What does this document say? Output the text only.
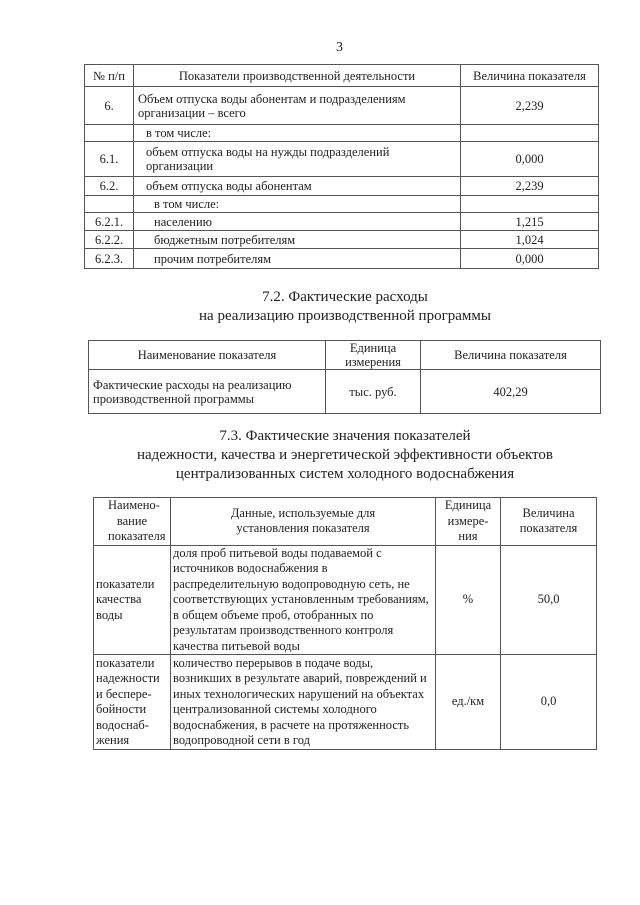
3
№ п/п	Показатели производственной деятельности	Величина показателя
6.	Объем отпуска воды абонентам и подразделениям организации – всего	2,239
	в том числе:	
6.1.	объем отпуска воды на нужды подразделений организации	0,000
6.2.	объем отпуска воды абонентам	2,239
	в том числе:	
6.2.1.	населению	1,215
6.2.2.	бюджетным потребителям	1,024
6.2.3.	прочим потребителям	0,000
7.2. Фактические расходы
на реализацию производственной программы
Наименование показателя	Единица измерения	Величина показателя
Фактические расходы на реализацию производственной программы	тыс. руб.	402,29
7.3. Фактические значения показателей
надежности, качества и энергетической эффективности объектов
централизованных систем холодного водоснабжения
Наимено-вание показателя	Данные, используемые для установления показателя	Единица измере-ния	Величина показателя
показатели качества воды	доля проб питьевой воды подаваемой с источников водоснабжения в распределительную водопроводную сеть, не соответствующих установленным требованиям, в общем объеме проб, отобранных по результатам производственного контроля качества питьевой воды	%	50,0
показатели надежности и беспере-бойности водоснаб-жения	количество перерывов в подаче воды, возникших в результате аварий, повреждений и иных технологических нарушений на объектах централизованной системы холодного водоснабжения, в расчете на протяженность водопроводной сети в год	ед./км	0,0
